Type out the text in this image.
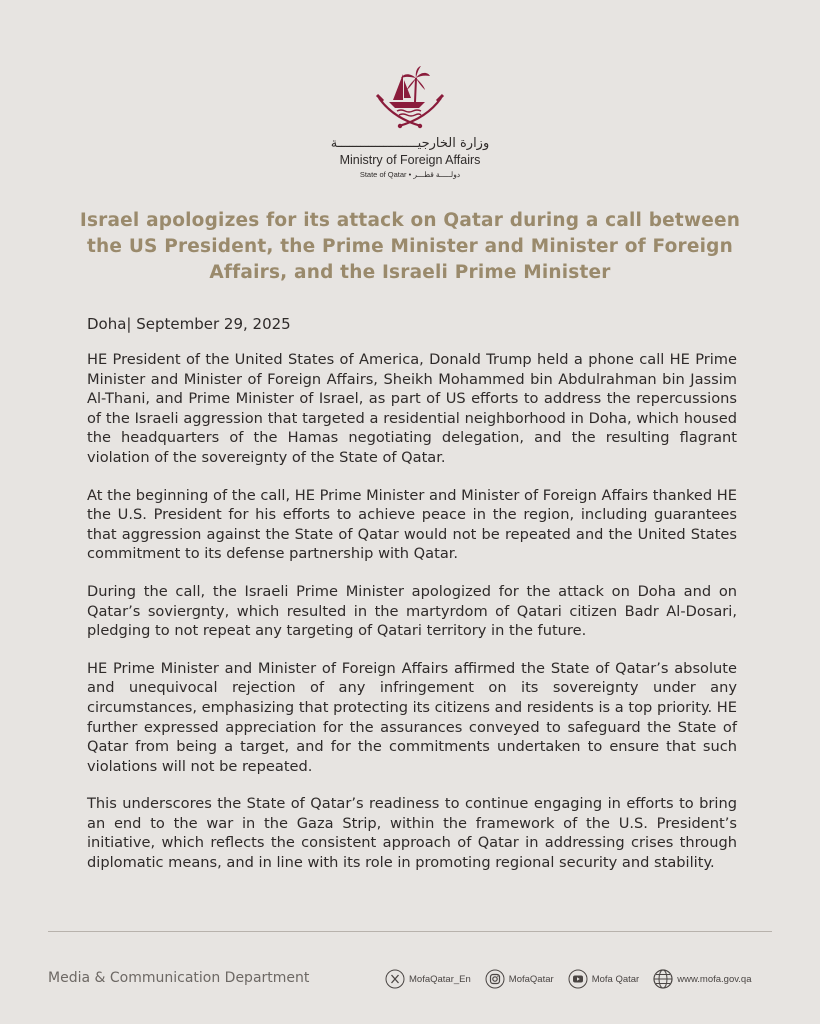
وزارة الخارجيـــــــــــــــــــــة
Ministry of Foreign Affairs
State of Qatar • دولـــــة قطـــر
Israel apologizes for its attack on Qatar during a call between the US President, the Prime Minister and Minister of Foreign Affairs, and the Israeli Prime Minister
Doha| September 29, 2025

HE President of the United States of America, Donald Trump held a phone call HE Prime Minister and Minister of Foreign Affairs, Sheikh Mohammed bin Abdulrahman bin Jassim Al-Thani, and Prime Minister of Israel, as part of US efforts to address the repercussions of the Israeli aggression that targeted a residential neighborhood in Doha, which housed the headquarters of the Hamas negotiating delegation, and the resulting flagrant violation of the sovereignty of the State of Qatar.

At the beginning of the call, HE Prime Minister and Minister of Foreign Affairs thanked HE the U.S. President for his efforts to achieve peace in the region, including guarantees that aggression against the State of Qatar would not be repeated and the United States commitment to its defense partnership with Qatar.

During the call, the Israeli Prime Minister apologized for the attack on Doha and on Qatar’s soviergnty, which resulted in the martyrdom of Qatari citizen Badr Al-Dosari, pledging to not repeat any targeting of Qatari territory in the future.

HE Prime Minister and Minister of Foreign Affairs affirmed the State of Qatar’s absolute and unequivocal rejection of any infringement on its sovereignty under any circumstances, emphasizing that protecting its citizens and residents is a top priority. HE further expressed appreciation for the assurances conveyed to safeguard the State of Qatar from being a target, and for the commitments undertaken to ensure that such violations will not be repeated.

This underscores the State of Qatar’s readiness to continue engaging in efforts to bring an end to the war in the Gaza Strip, within the framework of the U.S. President’s initiative, which reflects the consistent approach of Qatar in addressing crises through diplomatic means, and in line with its role in promoting regional security and stability.

Media & Communication Department	MofaQatar_En	MofaQatar	Mofa Qatar	www.mofa.gov.qa
